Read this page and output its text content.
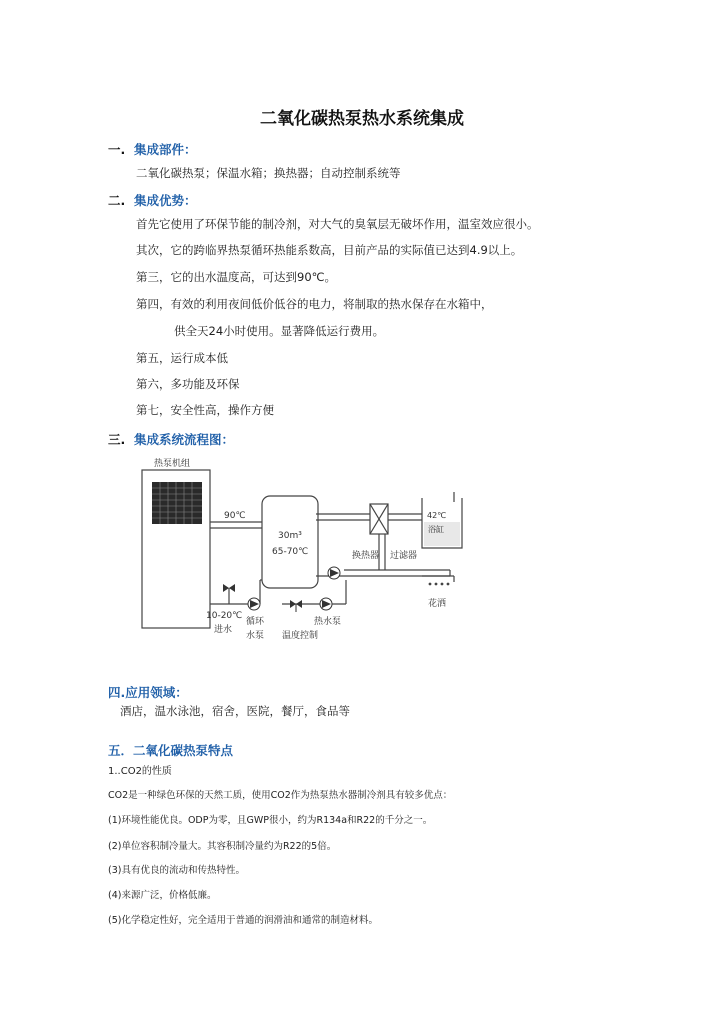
二氧化碳热泵热水系统集成
一. 集成部件：
二氧化碳热泵；保温水箱；换热器；自动控制系统等
二. 集成优势：
首先它使用了环保节能的制冷剂，对大气的臭氧层无破坏作用，温室效应很小。
其次，它的跨临界热泵循环热能系数高，目前产品的实际值已达到4.9以上。
第三，它的出水温度高，可达到90℃。
第四，有效的利用夜间低价低谷的电力，将制取的热水保存在水箱中，
供全天24小时使用。显著降低运行费用。
第五，运行成本低
第六，多功能及环保
第七，安全性高，操作方便
三. 集成系统流程图：
热泵机组
90℃
30m³
65-70℃
42℃
浴缸
换热器 过滤器
花洒
10-20℃
进水
循环
水泵 温度控制
热水泵
四.应用领域：
酒店，温水泳池，宿舍，医院，餐厅，食品等
五．二氧化碳热泵特点
1..CO2的性质
CO2是一种绿色环保的天然工质，使用CO2作为热泵热水器制冷剂具有较多优点：
(1)环境性能优良。ODP为零，且GWP很小，约为R134a和R22的千分之一。
(2)单位容积制冷量大。其容积制冷量约为R22的5倍。
(3)具有优良的流动和传热特性。
(4)来源广泛，价格低廉。
(5)化学稳定性好，完全适用于普通的润滑油和通常的制造材料。
